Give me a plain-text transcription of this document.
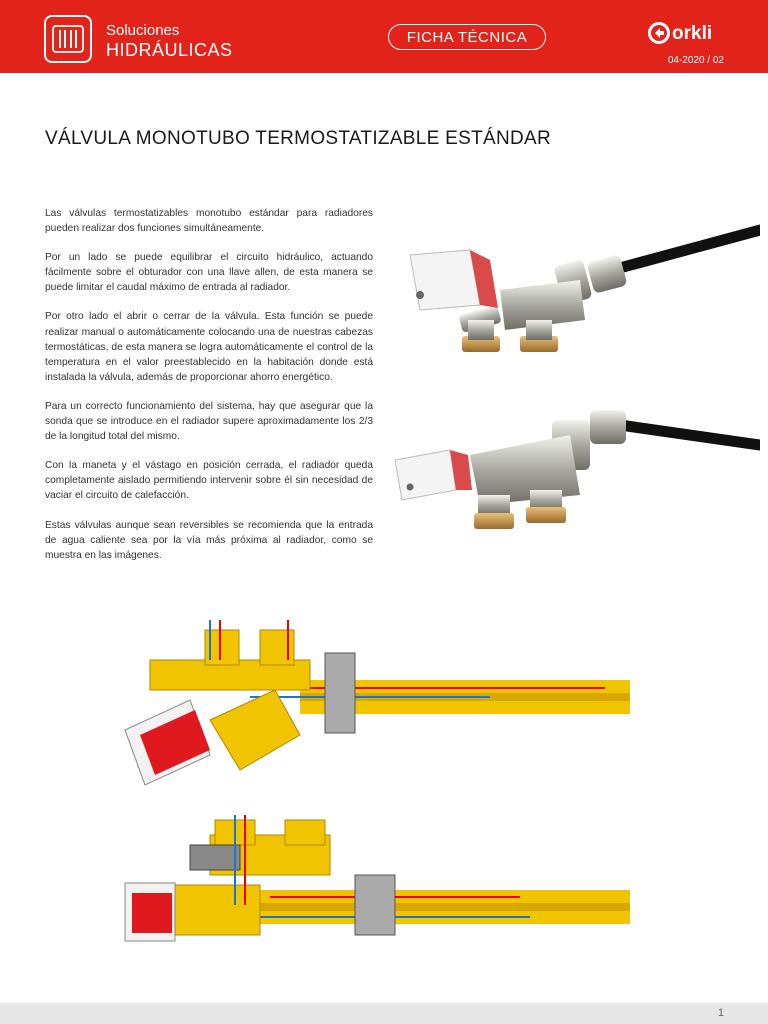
Soluciones
HIDRÁULICAS
FICHA TÉCNICA	orkli
04-2020 / 02
VÁLVULA MONOTUBO TERMOSTATIZABLE ESTÁNDAR

Las válvulas termostatizables monotubo estándar para radiadores pueden realizar dos funciones simultáneamente.

Por un lado se puede equilibrar el circuito hidráulico, actuando fácilmente sobre el obturador con una llave allen, de esta manera se puede limitar el caudal máximo de entrada al radiador.

Por otro lado el abrir o cerrar de la válvula. Esta función se puede realizar manual o automáticamente colocando una de nuestras cabezas termostáticas, de esta manera se logra automáticamente el control de la temperatura en el valor preestablecido en la habitación donde está instalada la válvula, además de proporcionar ahorro energético.

Para un correcto funcionamiento del sistema, hay que asegurar que la sonda que se introduce en el radiador supere aproximadamente los 2/3 de la longitud total del mismo.

Con la maneta y el vástago en posición cerrada, el radiador queda completamente aislado permitiendo intervenir sobre él sin necesidad de vaciar el circuito de calefacción.

Estas válvulas aunque sean reversibles se recomienda que la entrada de agua caliente sea por la vía más próxima al radiador, como se muestra en las imágenes.

1
